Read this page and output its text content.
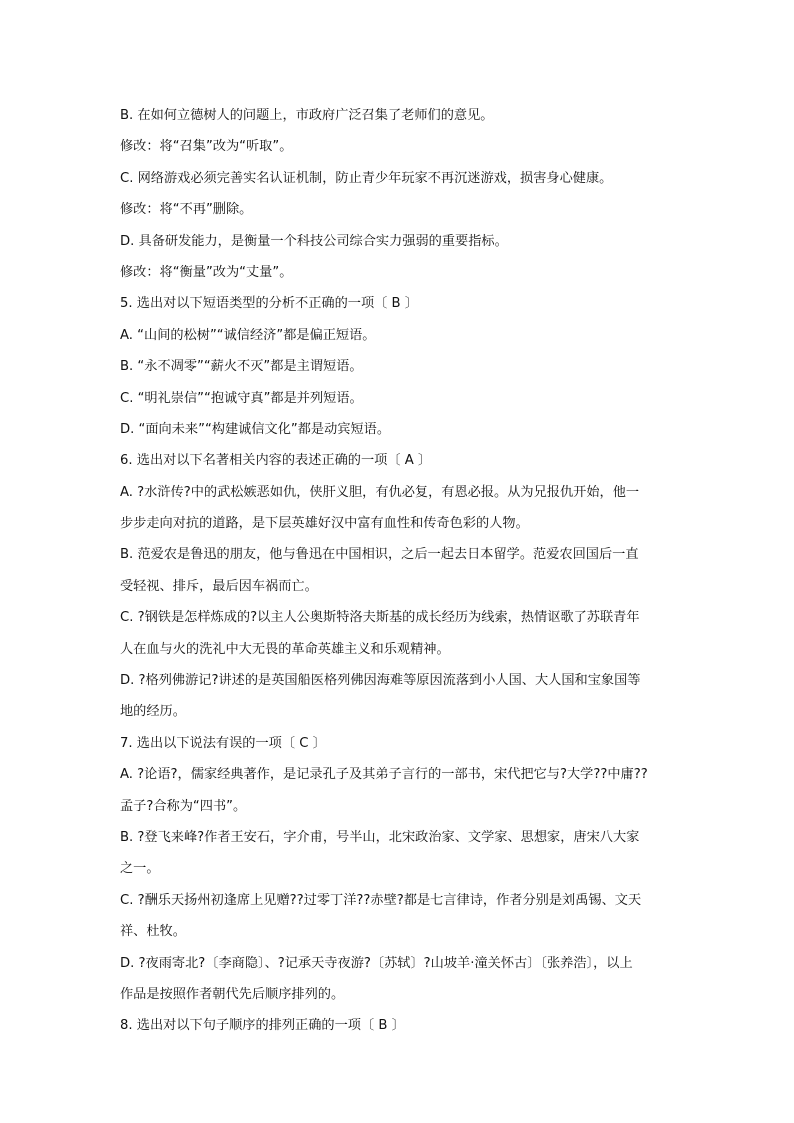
B. 在如何立德树人的问题上，市政府广泛召集了老师们的意见。
修改：将“召集”改为“听取”。
C. 网络游戏必须完善实名认证机制，防止青少年玩家不再沉迷游戏，损害身心健康。
修改：将“不再”删除。
D. 具备研发能力，是衡量一个科技公司综合实力强弱的重要指标。
修改：将“衡量”改为“丈量”。
5. 选出对以下短语类型的分析不正确的一项〔 B 〕
A. “山间的松树”“诚信经济”都是偏正短语。
B. “永不凋零”“薪火不灭”都是主谓短语。
C. “明礼崇信”“抱诚守真”都是并列短语。
D. “面向未来”“构建诚信文化”都是动宾短语。
6. 选出对以下名著相关内容的表述正确的一项〔 A 〕
A. ?水浒传?中的武松嫉恶如仇，侠肝义胆，有仇必复，有恩必报。从为兄报仇开始，他一
步步走向对抗的道路，是下层英雄好汉中富有血性和传奇色彩的人物。
B. 范爱农是鲁迅的朋友，他与鲁迅在中国相识，之后一起去日本留学。范爱农回国后一直
受轻视、排斥，最后因车祸而亡。
C. ?钢铁是怎样炼成的?以主人公奥斯特洛夫斯基的成长经历为线索，热情讴歌了苏联青年
人在血与火的洗礼中大无畏的革命英雄主义和乐观精神。
D. ?格列佛游记?讲述的是英国船医格列佛因海难等原因流落到小人国、大人国和宝象国等
地的经历。
7. 选出以下说法有误的一项〔 C 〕
A. ?论语?，儒家经典著作，是记录孔子及其弟子言行的一部书，宋代把它与?大学??中庸??
孟子?合称为“四书”。
B. ?登飞来峰?作者王安石，字介甫，号半山，北宋政治家、文学家、思想家，唐宋八大家
之一。
C. ?酬乐天扬州初逢席上见赠??过零丁洋??赤壁?都是七言律诗，作者分别是刘禹锡、文天
祥、杜牧。
D. ?夜雨寄北?〔李商隐〕、?记承天寺夜游?〔苏轼〕?山坡羊·潼关怀古〕〔张养浩〕，以上
作品是按照作者朝代先后顺序排列的。
8. 选出对以下句子顺序的排列正确的一项〔 B 〕
